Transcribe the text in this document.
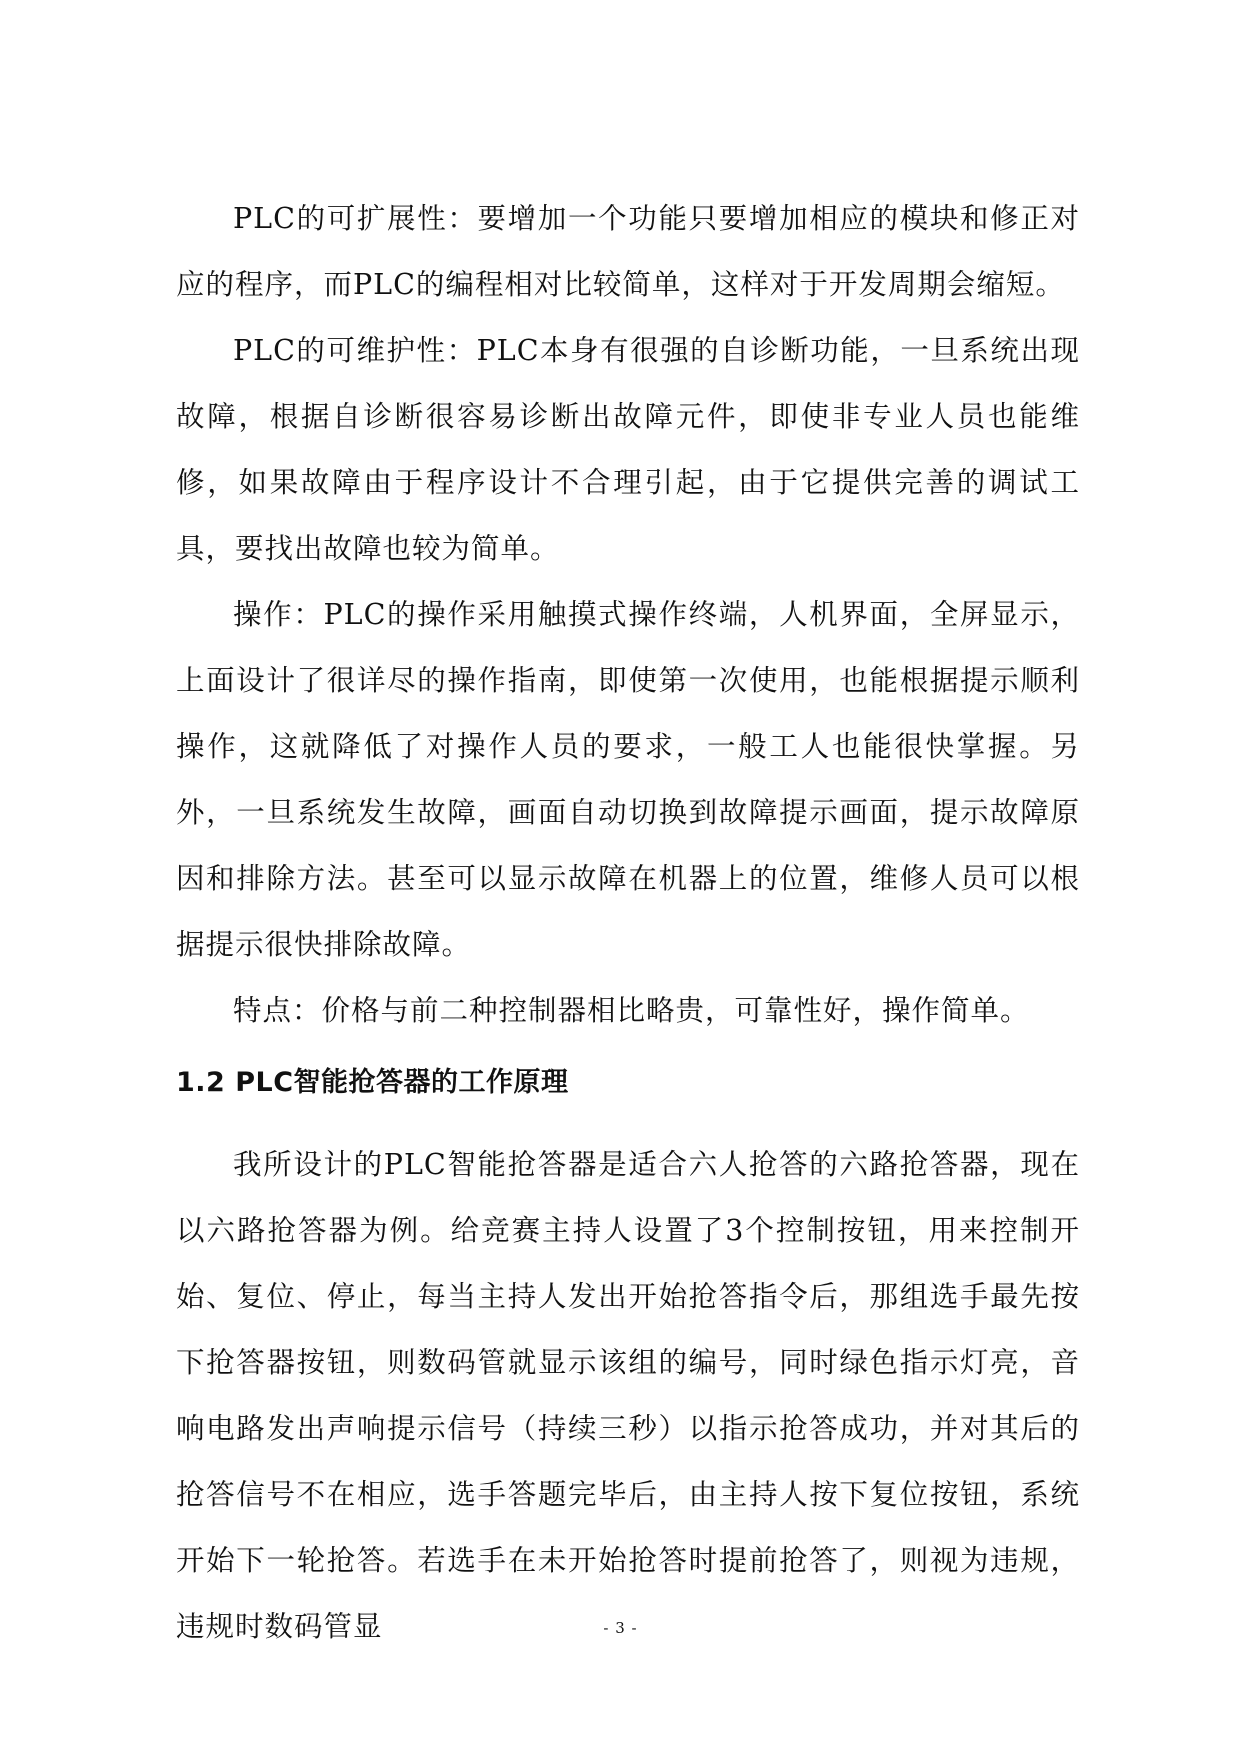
PLC的可扩展性：要增加一个功能只要增加相应的模块和修正对应的程序，而PLC的编程相对比较简单，这样对于开发周期会缩短。

PLC的可维护性：PLC本身有很强的自诊断功能，一旦系统出现故障，根据自诊断很容易诊断出故障元件，即使非专业人员也能维修，如果故障由于程序设计不合理引起，由于它提供完善的调试工具，要找出故障也较为简单。

操作：PLC的操作采用触摸式操作终端，人机界面，全屏显示，上面设计了很详尽的操作指南，即使第一次使用，也能根据提示顺利操作，这就降低了对操作人员的要求，一般工人也能很快掌握。另外，一旦系统发生故障，画面自动切换到故障提示画面，提示故障原因和排除方法。甚至可以显示故障在机器上的位置，维修人员可以根据提示很快排除故障。

特点：价格与前二种控制器相比略贵，可靠性好，操作简单。

1.2 PLC智能抢答器的工作原理

我所设计的PLC智能抢答器是适合六人抢答的六路抢答器，现在以六路抢答器为例。给竞赛主持人设置了3个控制按钮，用来控制开始、复位、停止，每当主持人发出开始抢答指令后，那组选手最先按下抢答器按钮，则数码管就显示该组的编号，同时绿色指示灯亮，音响电路发出声响提示信号（持续三秒）以指示抢答成功，并对其后的抢答信号不在相应，选手答题完毕后，由主持人按下复位按钮，系统开始下一轮抢答。若选手在未开始抢答时提前抢答了，则视为违规，违规时数码管显	- 3 -
